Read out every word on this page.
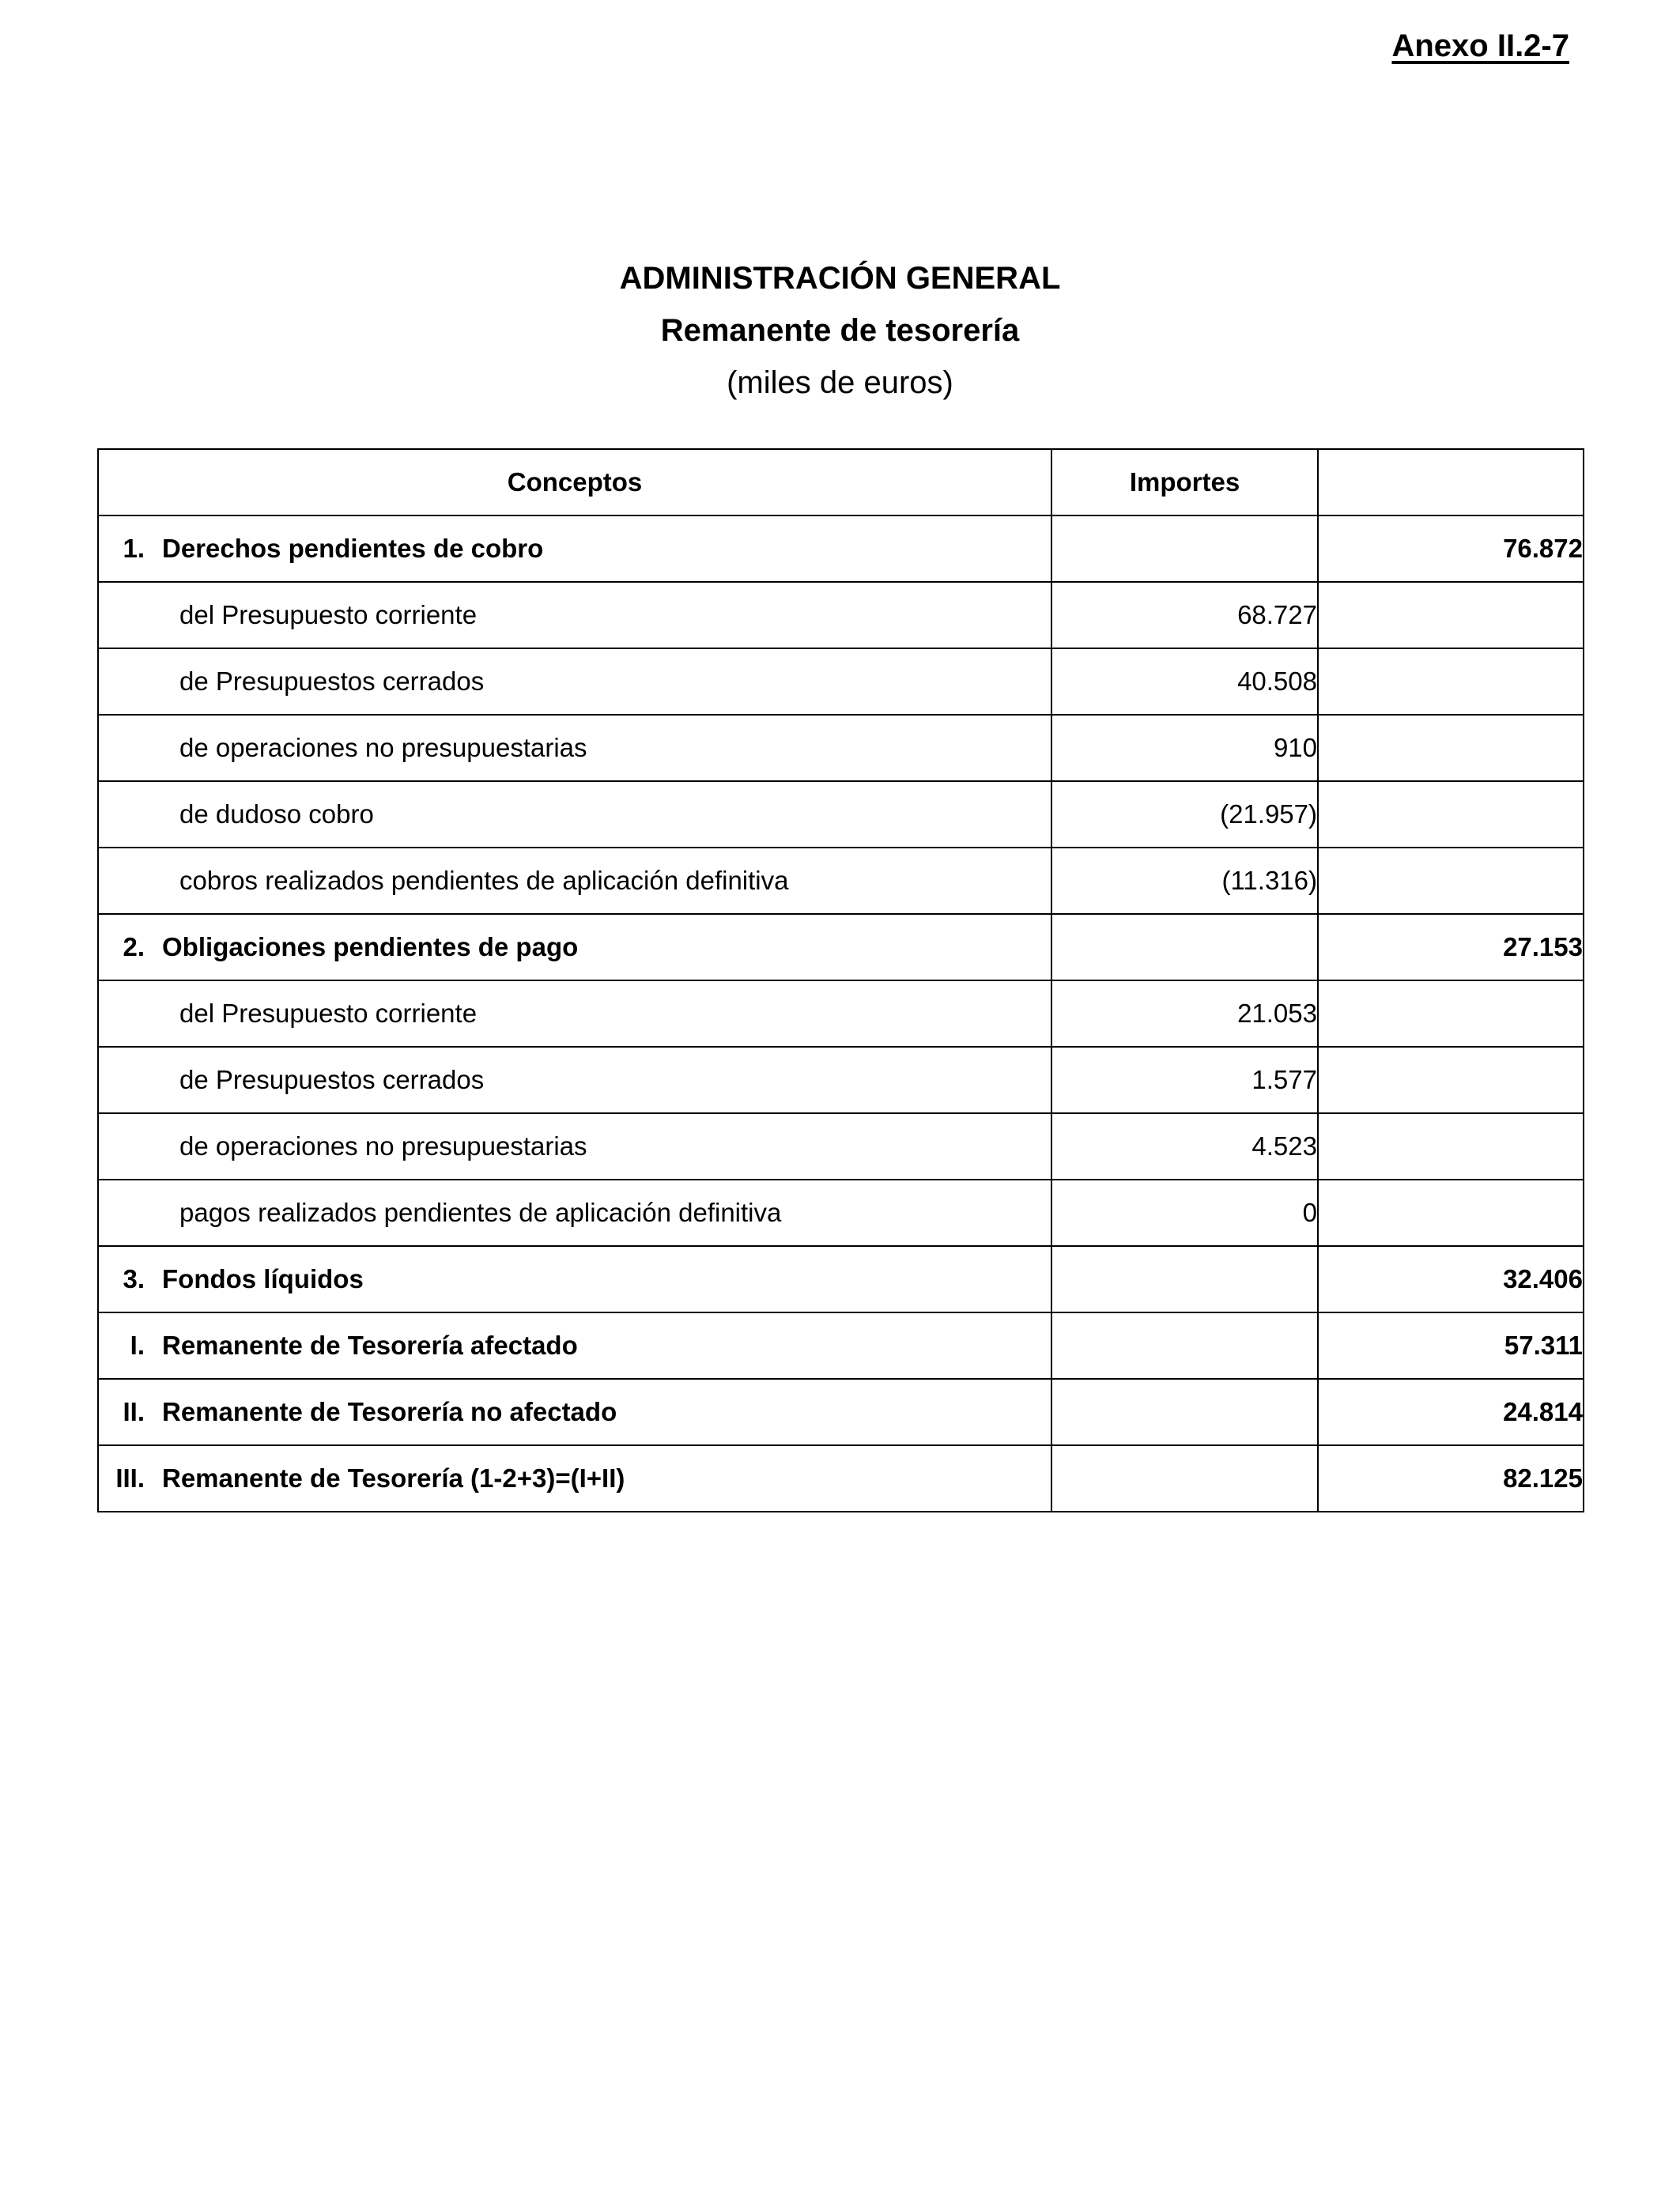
Anexo II.2-7
ADMINISTRACIÓN GENERAL
Remanente de tesorería
(miles de euros)
Conceptos	Importes	

1. Derechos pendientes de cobro		76.872

del Presupuesto corriente	68.727	

de Presupuestos cerrados	40.508	

de operaciones no presupuestarias	910	

de dudoso cobro	(21.957)	

cobros realizados pendientes de aplicación definitiva	(11.316)	

2. Obligaciones pendientes de pago		27.153

del Presupuesto corriente	21.053	

de Presupuestos cerrados	1.577	

de operaciones no presupuestarias	4.523	

pagos realizados pendientes de aplicación definitiva	0	

3. Fondos líquidos		32.406

I. Remanente de Tesorería afectado		57.311

II. Remanente de Tesorería no afectado		24.814

III. Remanente de Tesorería (1-2+3)=(I+II)		82.125
